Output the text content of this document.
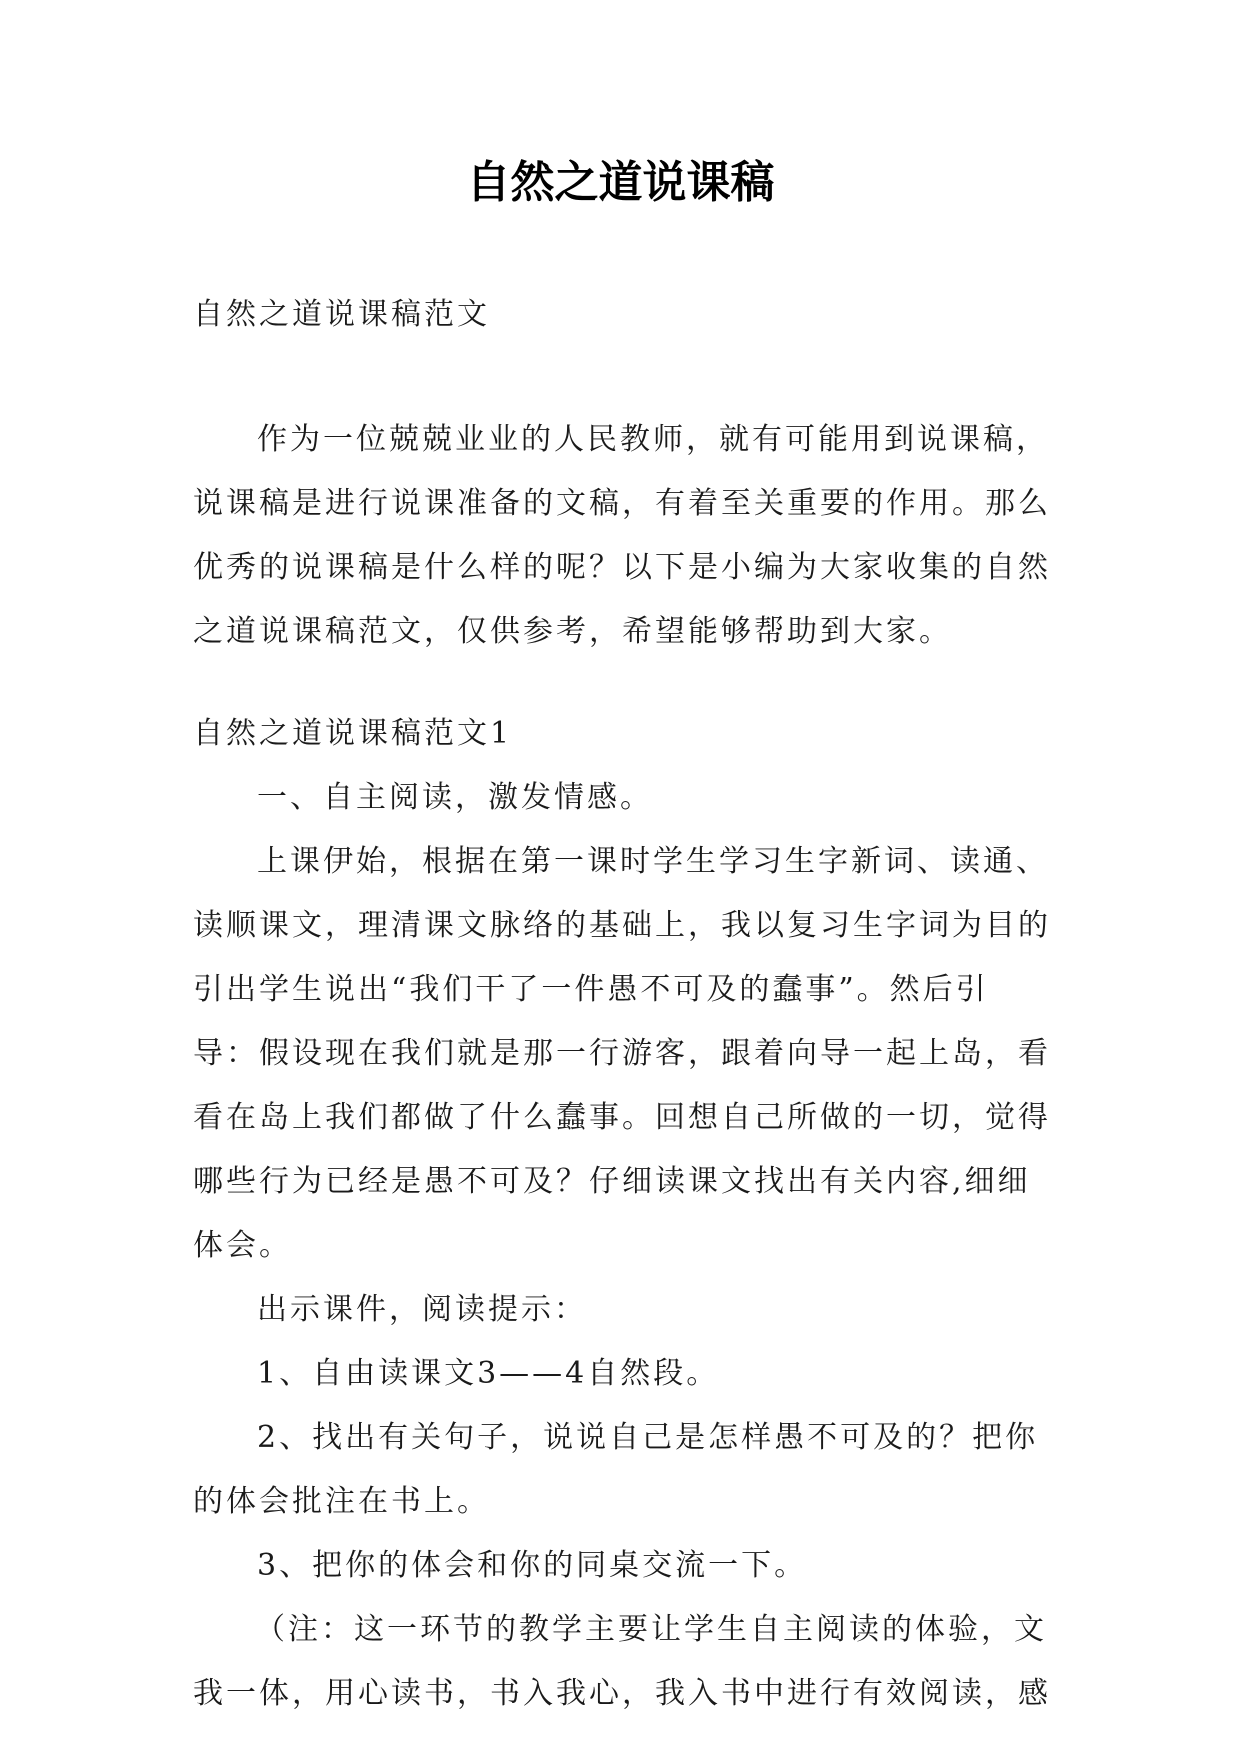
自然之道说课稿

自然之道说课稿范文

作为一位兢兢业业的人民教师，就有可能用到说课稿，说课稿是进行说课准备的文稿，有着至关重要的作用。那么优秀的说课稿是什么样的呢？以下是小编为大家收集的自然之道说课稿范文，仅供参考，希望能够帮助到大家。

自然之道说课稿范文1

一、自主阅读，激发情感。

上课伊始，根据在第一课时学生学习生字新词、读通、读顺课文，理清课文脉络的基础上，我以复习生字词为目的引出学生说出“我们干了一件愚不可及的蠢事”。然后引导：假设现在我们就是那一行游客，跟着向导一起上岛，看看在岛上我们都做了什么蠢事。回想自己所做的一切，觉得哪些行为已经是愚不可及？仔细读课文找出有关内容,细细体会。

出示课件，阅读提示：

1、自由读课文3——4自然段。

2、找出有关句子，说说自己是怎样愚不可及的？把你的体会批注在书上。

3、把你的体会和你的同桌交流一下。

（注：这一环节的教学主要让学生自主阅读的体验，文我一体，用心读书，书入我心，我入书中进行有效阅读，感
